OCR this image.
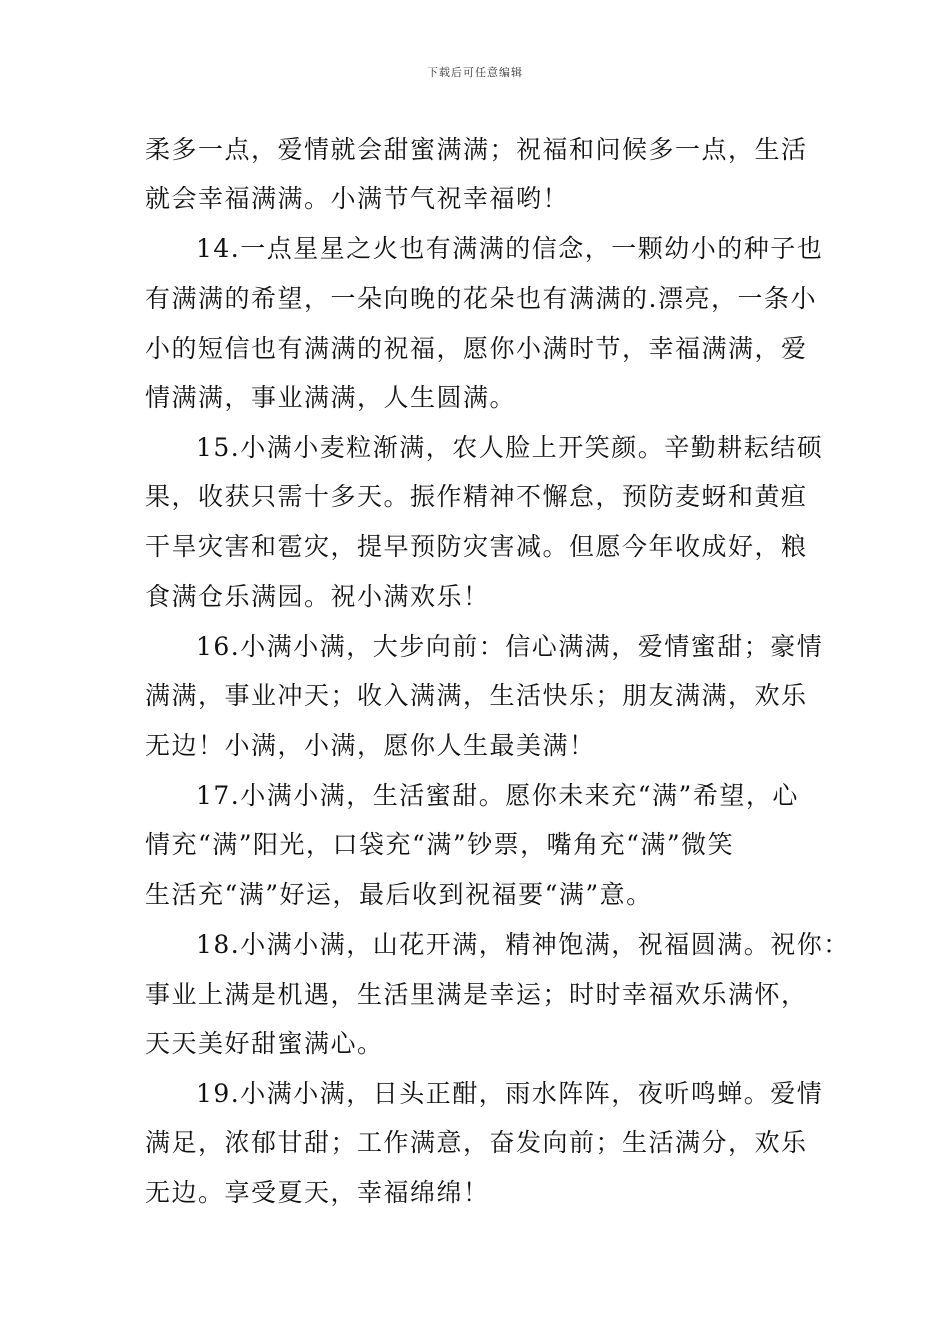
下载后可任意编辑
柔多一点，爱情就会甜蜜满满；祝福和问候多一点，生活
就会幸福满满。小满节气祝幸福哟！
14.一点星星之火也有满满的信念，一颗幼小的种子也
有满满的希望，一朵向晚的花朵也有满满的.漂亮，一条小
小的短信也有满满的祝福，愿你小满时节，幸福满满，爱
情满满，事业满满，人生圆满。
15.小满小麦粒渐满，农人脸上开笑颜。辛勤耕耘结硕
果，收获只需十多天。振作精神不懈怠，预防麦蚜和黄疸
干旱灾害和雹灾，提早预防灾害减。但愿今年收成好，粮
食满仓乐满园。祝小满欢乐！
16.小满小满，大步向前：信心满满，爱情蜜甜；豪情
满满，事业冲天；收入满满，生活快乐；朋友满满，欢乐
无边！小满，小满，愿你人生最美满！
17.小满小满，生活蜜甜。愿你未来充“满”希望，心
情充“满”阳光，口袋充“满”钞票，嘴角充“满”微笑
生活充“满”好运，最后收到祝福要“满”意。
18.小满小满，山花开满，精神饱满，祝福圆满。祝你：
事业上满是机遇，生活里满是幸运；时时幸福欢乐满怀，
天天美好甜蜜满心。
19.小满小满，日头正酣，雨水阵阵，夜听鸣蝉。爱情
满足，浓郁甘甜；工作满意，奋发向前；生活满分，欢乐
无边。享受夏天，幸福绵绵！
